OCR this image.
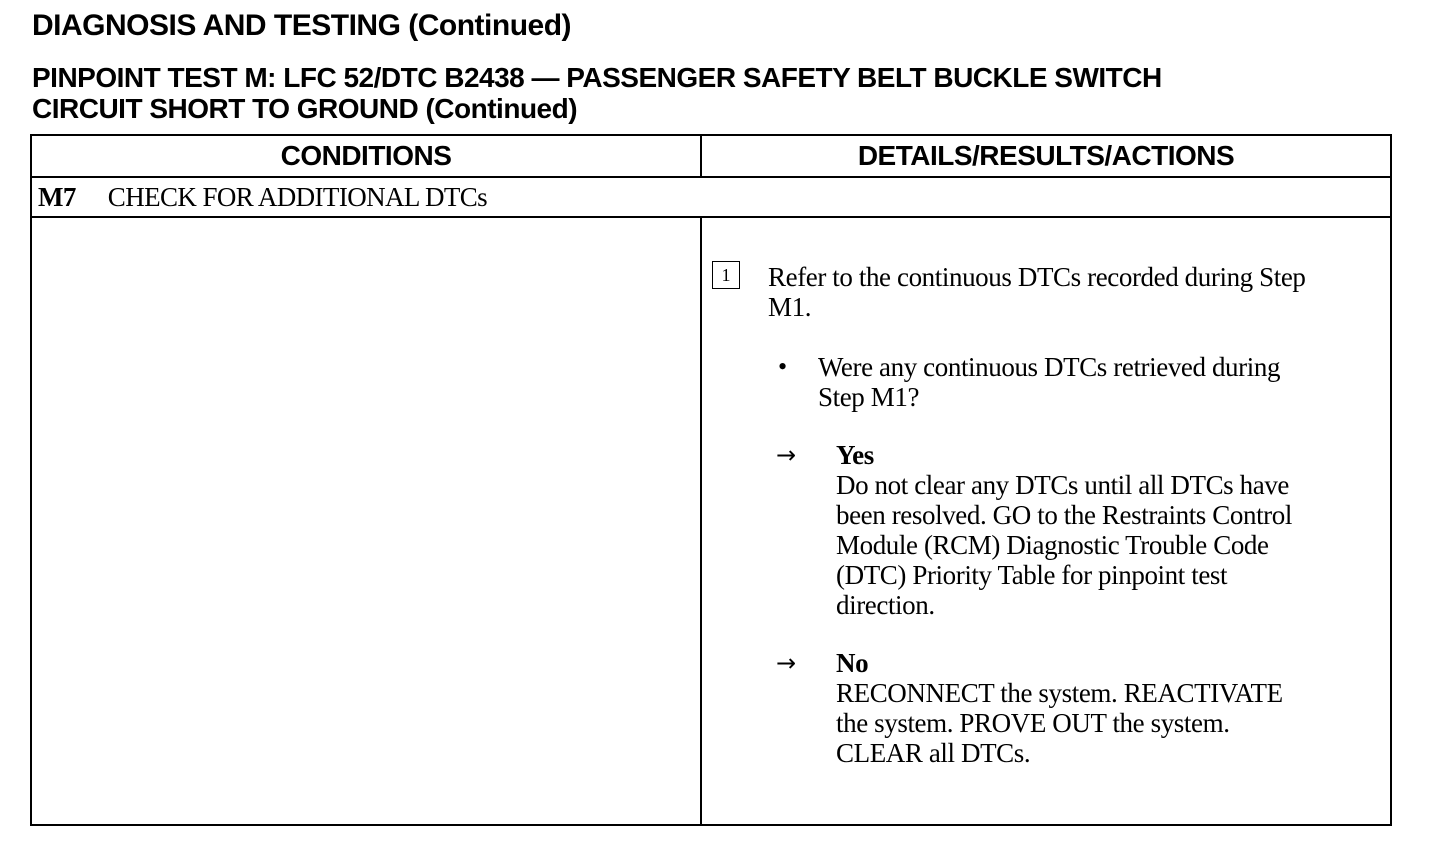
DIAGNOSIS AND TESTING (Continued)
PINPOINT TEST M: LFC 52/DTC B2438 — PASSENGER SAFETY BELT BUCKLE SWITCH
CIRCUIT SHORT TO GROUND (Continued)
CONDITIONS	DETAILS/RESULTS/ACTIONS
M7 CHECK FOR ADDITIONAL DTCs
1	Refer to the continuous DTCs recorded during Step
M1.
• Were any continuous DTCs retrieved during
Step M1?
→ Yes
Do not clear any DTCs until all DTCs have
been resolved. GO to the Restraints Control
Module (RCM) Diagnostic Trouble Code
(DTC) Priority Table for pinpoint test
direction.
→ No
RECONNECT the system. REACTIVATE
the system. PROVE OUT the system.
CLEAR all DTCs.
